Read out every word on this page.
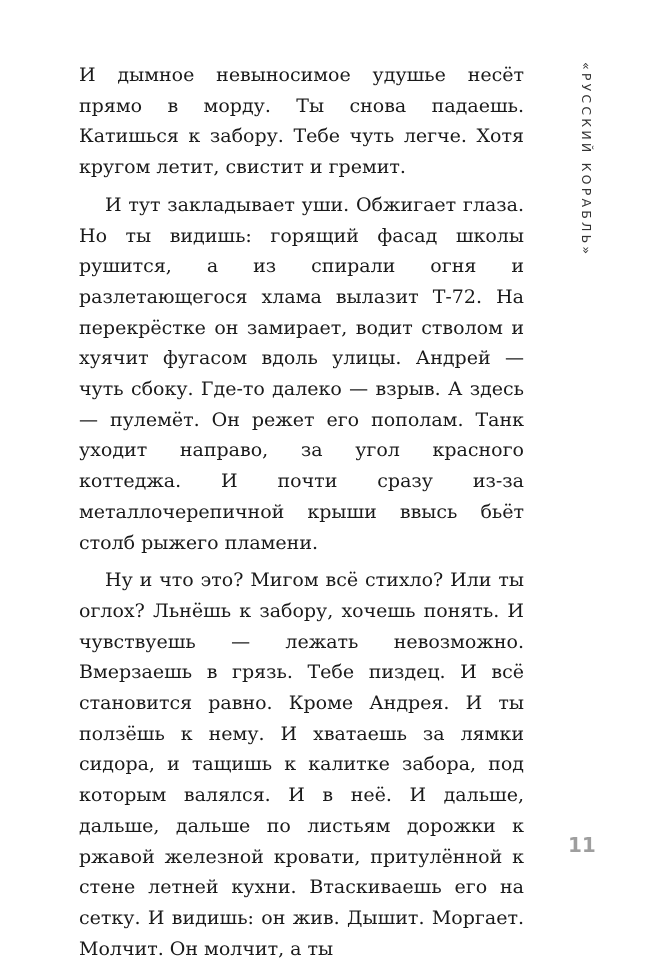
И дымное невыносимое удушье несёт прямо в морду. Ты снова падаешь. Катишься к забору. Тебе чуть легче. Хотя кругом летит, свистит и гремит.

И тут закладывает уши. Обжигает глаза. Но ты видишь: горящий фасад школы рушится, а из спирали огня и разлетающегося хлама вылазит Т-72. На перекрёстке он замирает, водит стволом и хуячит фугасом вдоль улицы. Андрей — чуть сбоку. Где-то далеко — взрыв. А здесь — пулемёт. Он режет его пополам. Танк уходит направо, за угол красного коттеджа. И почти сразу из-за металлочерепичной крыши ввысь бьёт столб рыжего пламени.

Ну и что это? Мигом всё стихло? Или ты оглох? Льнёшь к забору, хочешь понять. И чувствуешь — лежать невозможно. Вмерзаешь в грязь. Тебе пиздец. И всё становится равно. Кроме Андрея. И ты ползёшь к нему. И хватаешь за лямки сидора, и тащишь к калитке забора, под которым валялся. И в неё. И дальше, дальше, дальше по листьям дорожки к ржавой железной кровати, притулённой к стене летней кухни. Втаскиваешь его на сетку. И видишь: он жив. Дышит. Моргает. Молчит. Он молчит, а ты

«РУССКИЙ КОРАБЛЬ»
11
